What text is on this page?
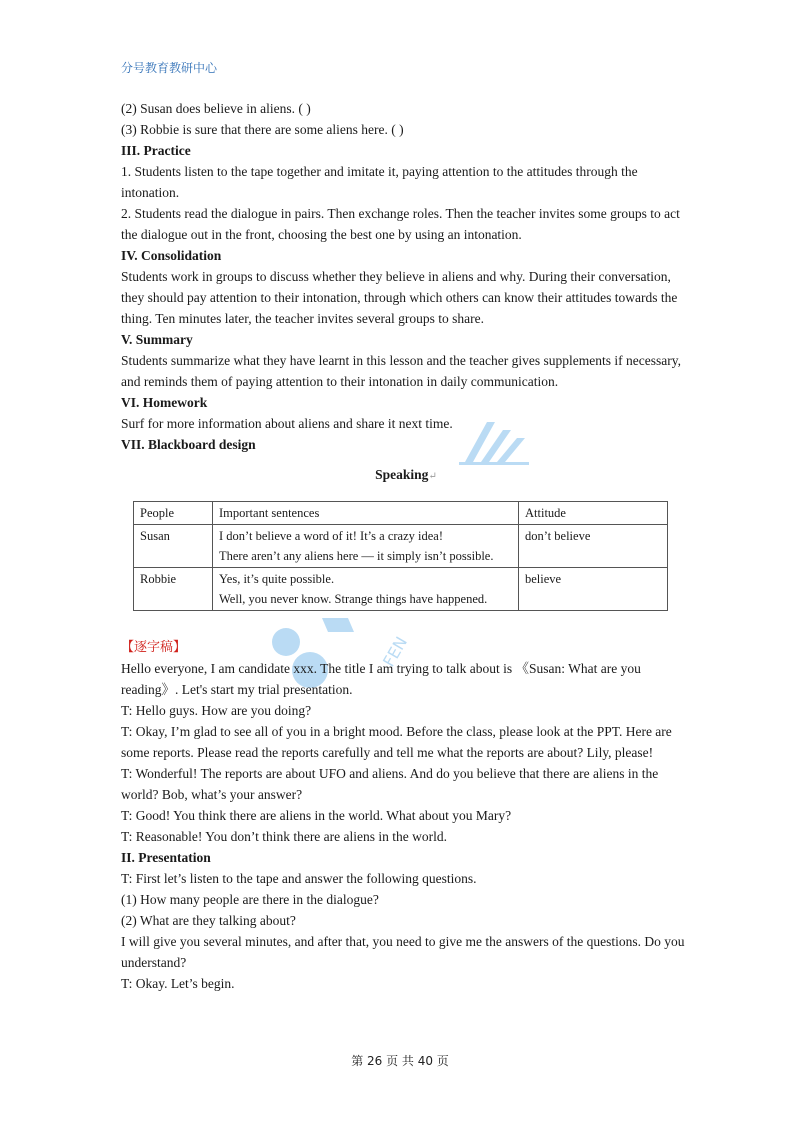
分号教育教研中心
FEN

(2) Susan does believe in aliens. ( )

(3) Robbie is sure that there are some aliens here. ( )

III. Practice

1. Students listen to the tape together and imitate it, paying attention to the attitudes through the intonation.

2. Students read the dialogue in pairs. Then exchange roles. Then the teacher invites some groups to act the dialogue out in the front, choosing the best one by using an intonation.

IV. Consolidation

Students work in groups to discuss whether they believe in aliens and why. During their conversation, they should pay attention to their intonation, through which others can know their attitudes towards the thing. Ten minutes later, the teacher invites several groups to share.

V. Summary

Students summarize what they have learnt in this lesson and the teacher gives supplements if necessary, and reminds them of paying attention to their intonation in daily communication.

VI. Homework

Surf for more information about aliens and share it next time.

VII. Blackboard design

Speaking↵

People	Important sentences	Attitude
Susan	I don’t believe a word of it! It’s a crazy idea!
There aren’t any aliens here — it simply isn’t possible.	don’t believe
Robbie	Yes, it’s quite possible.
Well, you never know. Strange things have happened.	believe

【逐字稿】

Hello everyone, I am candidate xxx. The title I am trying to talk about is 《Susan: What are you reading》. Let's start my trial presentation.

T: Hello guys. How are you doing?

T: Okay, I’m glad to see all of you in a bright mood. Before the class, please look at the PPT. Here are some reports. Please read the reports carefully and tell me what the reports are about? Lily, please!

T: Wonderful! The reports are about UFO and aliens. And do you believe that there are aliens in the world? Bob, what’s your answer?

T: Good! You think there are aliens in the world. What about you Mary?

T: Reasonable! You don’t think there are aliens in the world.

II. Presentation

T: First let’s listen to the tape and answer the following questions.

(1) How many people are there in the dialogue?

(2) What are they talking about?

I will give you several minutes, and after that, you need to give me the answers of the questions. Do you understand?

T: Okay. Let’s begin.

第 26 页 共 40 页
